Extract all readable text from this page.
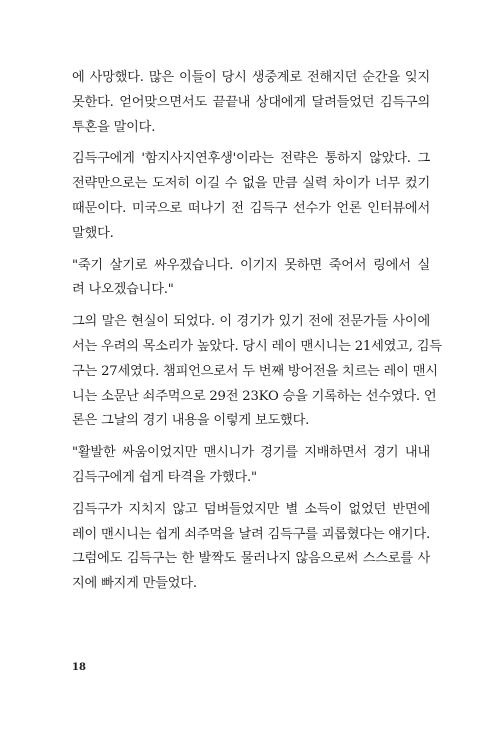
에 사망했다. 많은 이들이 당시 생중계로 전해지던 순간을 잊지
못한다. 얻어맞으면서도 끝끝내 상대에게 달려들었던 김득구의
투혼을 말이다.
김득구에게 '함지사지연후생'이라는 전략은 통하지 않았다. 그
전략만으로는 도저히 이길 수 없을 만큼 실력 차이가 너무 컸기
때문이다. 미국으로 떠나기 전 김득구 선수가 언론 인터뷰에서
말했다.
"죽기 살기로 싸우겠습니다. 이기지 못하면 죽어서 링에서 실
려 나오겠습니다."
그의 말은 현실이 되었다. 이 경기가 있기 전에 전문가들 사이에
서는 우려의 목소리가 높았다. 당시 레이 맨시니는 21세였고, 김득
구는 27세였다. 챔피언으로서 두 번째 방어전을 치르는 레이 맨시
니는 소문난 쇠주먹으로 29전 23KO 승을 기록하는 선수였다. 언
론은 그날의 경기 내용을 이렇게 보도했다.
"활발한 싸움이었지만 맨시니가 경기를 지배하면서 경기 내내
김득구에게 쉽게 타격을 가했다."
김득구가 지치지 않고 덤벼들었지만 별 소득이 없었던 반면에
레이 맨시니는 쉽게 쇠주먹을 날려 김득구를 괴롭혔다는 얘기다.
그럼에도 김득구는 한 발짝도 물러나지 않음으로써 스스로를 사
지에 빠지게 만들었다.
18
